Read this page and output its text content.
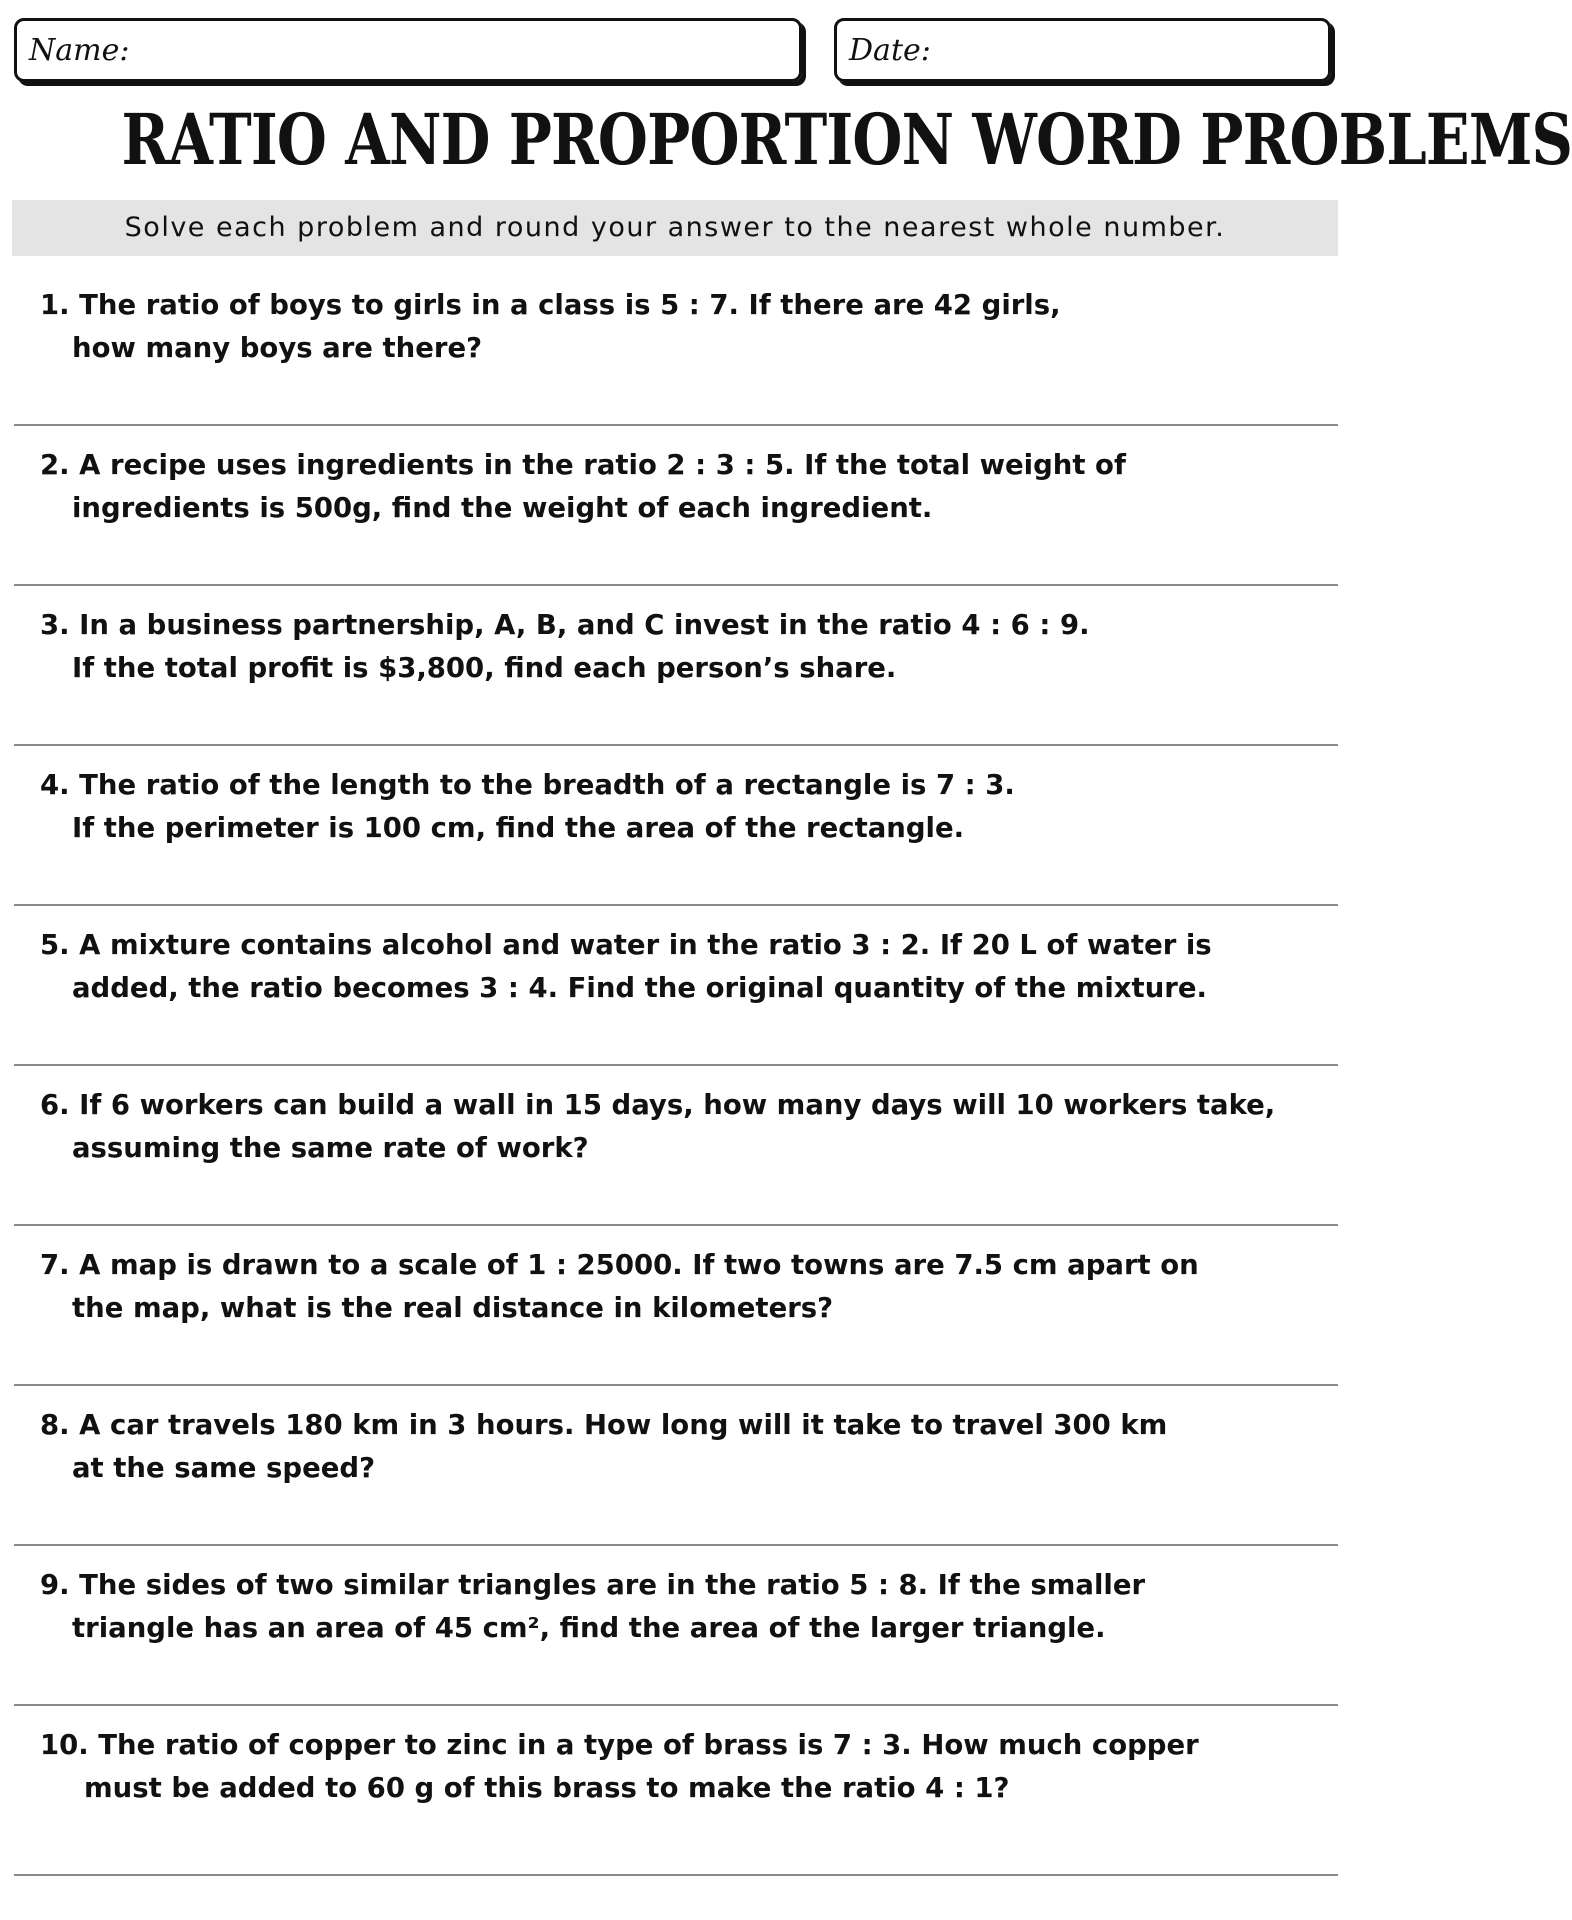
Name:	Date:
RATIO AND PROPORTION WORD PROBLEMS
Solve each problem and round your answer to the nearest whole number.
1. The ratio of boys to girls in a class is 5 : 7. If there are 42 girls,
how many boys are there?
2. A recipe uses ingredients in the ratio 2 : 3 : 5. If the total weight of
ingredients is 500g, find the weight of each ingredient.
3. In a business partnership, A, B, and C invest in the ratio 4 : 6 : 9.
If the total profit is $3,800, find each person’s share.
4. The ratio of the length to the breadth of a rectangle is 7 : 3.
If the perimeter is 100 cm, find the area of the rectangle.
5. A mixture contains alcohol and water in the ratio 3 : 2. If 20 L of water is
added, the ratio becomes 3 : 4. Find the original quantity of the mixture.
6. If 6 workers can build a wall in 15 days, how many days will 10 workers take,
assuming the same rate of work?
7. A map is drawn to a scale of 1 : 25000. If two towns are 7.5 cm apart on
the map, what is the real distance in kilometers?
8. A car travels 180 km in 3 hours. How long will it take to travel 300 km
at the same speed?
9. The sides of two similar triangles are in the ratio 5 : 8. If the smaller
triangle has an area of 45 cm², find the area of the larger triangle.
10. The ratio of copper to zinc in a type of brass is 7 : 3. How much copper
must be added to 60 g of this brass to make the ratio 4 : 1?
